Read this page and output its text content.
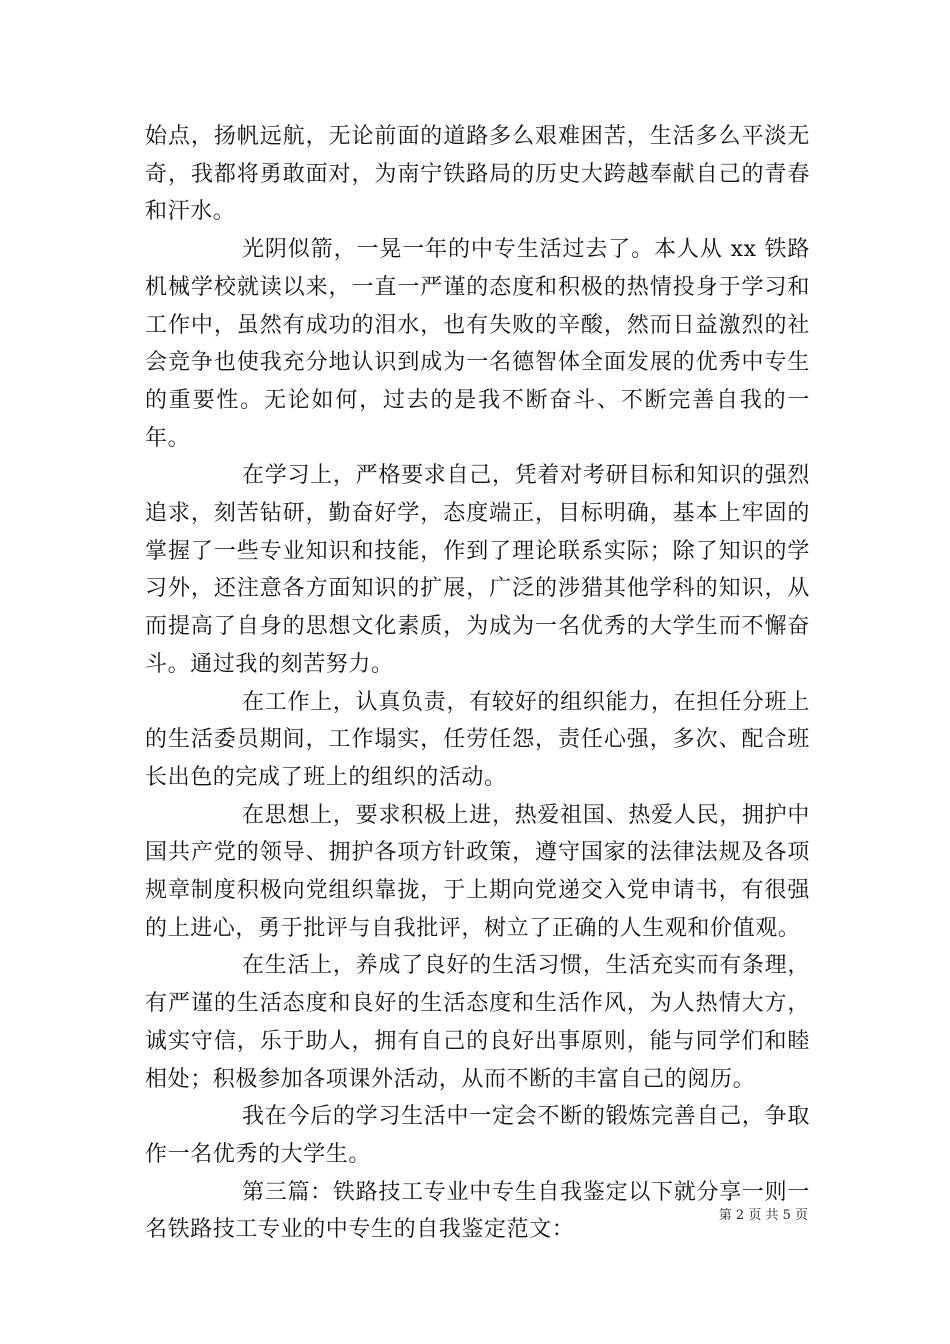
始点，扬帆远航，无论前面的道路多么艰难困苦，生活多么平淡无奇，我都将勇敢面对，为南宁铁路局的历史大跨越奉献自己的青春和汗水。

光阴似箭，一晃一年的中专生活过去了。本人从 xx 铁路机械学校就读以来，一直一严谨的态度和积极的热情投身于学习和工作中，虽然有成功的泪水，也有失败的辛酸，然而日益激烈的社会竞争也使我充分地认识到成为一名德智体全面发展的优秀中专生的重要性。无论如何，过去的是我不断奋斗、不断完善自我的一年。

在学习上，严格要求自己，凭着对考研目标和知识的强烈追求，刻苦钻研，勤奋好学，态度端正，目标明确，基本上牢固的掌握了一些专业知识和技能，作到了理论联系实际；除了知识的学习外，还注意各方面知识的扩展，广泛的涉猎其他学科的知识，从而提高了自身的思想文化素质，为成为一名优秀的大学生而不懈奋斗。通过我的刻苦努力。

在工作上，认真负责，有较好的组织能力，在担任分班上的生活委员期间，工作塌实，任劳任怨，责任心强，多次、配合班长出色的完成了班上的组织的活动。

在思想上，要求积极上进，热爱祖国、热爱人民，拥护中国共产党的领导、拥护各项方针政策，遵守国家的法律法规及各项规章制度积极向党组织靠拢，于上期向党递交入党申请书，有很强的上进心，勇于批评与自我批评，树立了正确的人生观和价值观。

在生活上，养成了良好的生活习惯，生活充实而有条理，有严谨的生活态度和良好的生活态度和生活作风，为人热情大方，诚实守信，乐于助人，拥有自己的良好出事原则，能与同学们和睦相处；积极参加各项课外活动，从而不断的丰富自己的阅历。

我在今后的学习生活中一定会不断的锻炼完善自己，争取作一名优秀的大学生。

第三篇：铁路技工专业中专生自我鉴定以下就分享一则一名铁路技工专业的中专生的自我鉴定范文：

第 2 页 共 5 页
